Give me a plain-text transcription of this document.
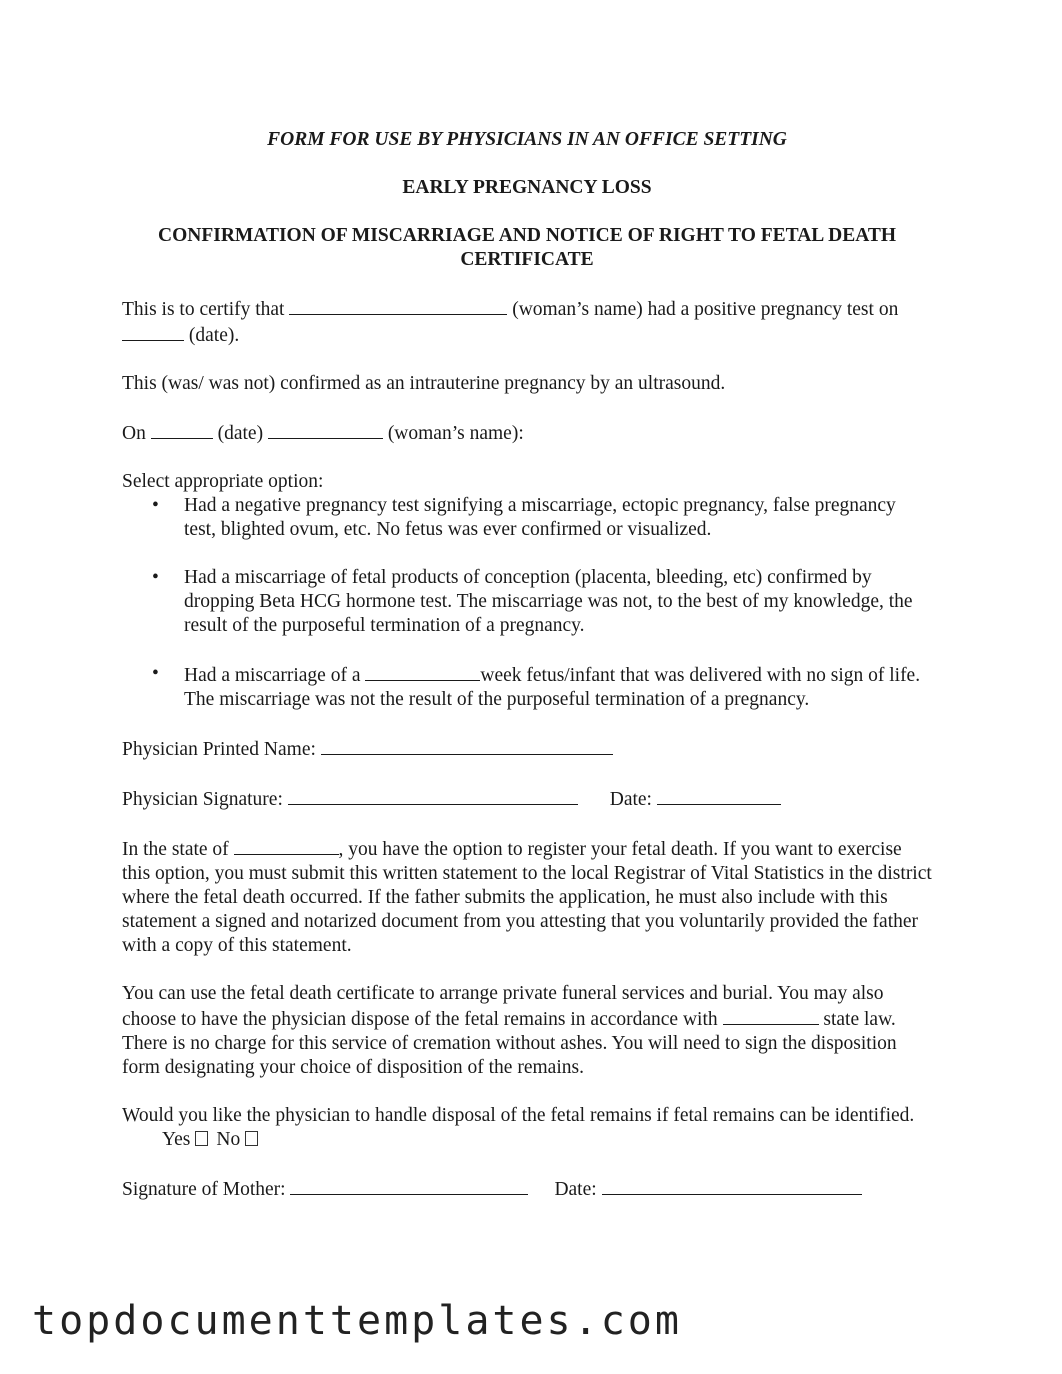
FORM FOR USE BY PHYSICIANS IN AN OFFICE SETTING
EARLY PREGNANCY LOSS
CONFIRMATION OF MISCARRIAGE AND NOTICE OF RIGHT TO FETAL DEATH CERTIFICATE

This is to certify that	(woman’s name) had a positive pregnancy test on  (date).

This (was/ was not) confirmed as an intrauterine pregnancy by an ultrasound.

On	(date)	(woman’s name):

Select appropriate option:

• Had a negative pregnancy test signifying a miscarriage, ectopic pregnancy, false pregnancy test, blighted ovum, etc. No fetus was ever confirmed or visualized.
• Had a miscarriage of fetal products of conception (placenta, bleeding, etc) confirmed by dropping Beta HCG hormone test. The miscarriage was not, to the best of my knowledge, the result of the purposeful termination of a pregnancy.
• Had a miscarriage of a	week fetus/infant that was delivered with no sign of life. The miscarriage was not the result of the purposeful termination of a pregnancy.

Physician Printed Name:

Physician Signature:	Date:

In the state of	, you have the option to register your fetal death. If you want to exercise this option, you must submit this written statement to the local Registrar of Vital Statistics in the district where the fetal death occurred. If the father submits the application, he must also include with this statement a signed and notarized document from you attesting that you voluntarily provided the father with a copy of this statement.

You can use the fetal death certificate to arrange private funeral services and burial. You may also choose to have the physician dispose of the fetal remains in accordance with	state law. There is no charge for this service of cremation without ashes. You will need to sign the disposition form designating your choice of disposition of the remains.

Would you like the physician to handle disposal of the fetal remains if fetal remains can be identified.Yes No

Signature of Mother:	Date:

topdocumenttemplates.com
